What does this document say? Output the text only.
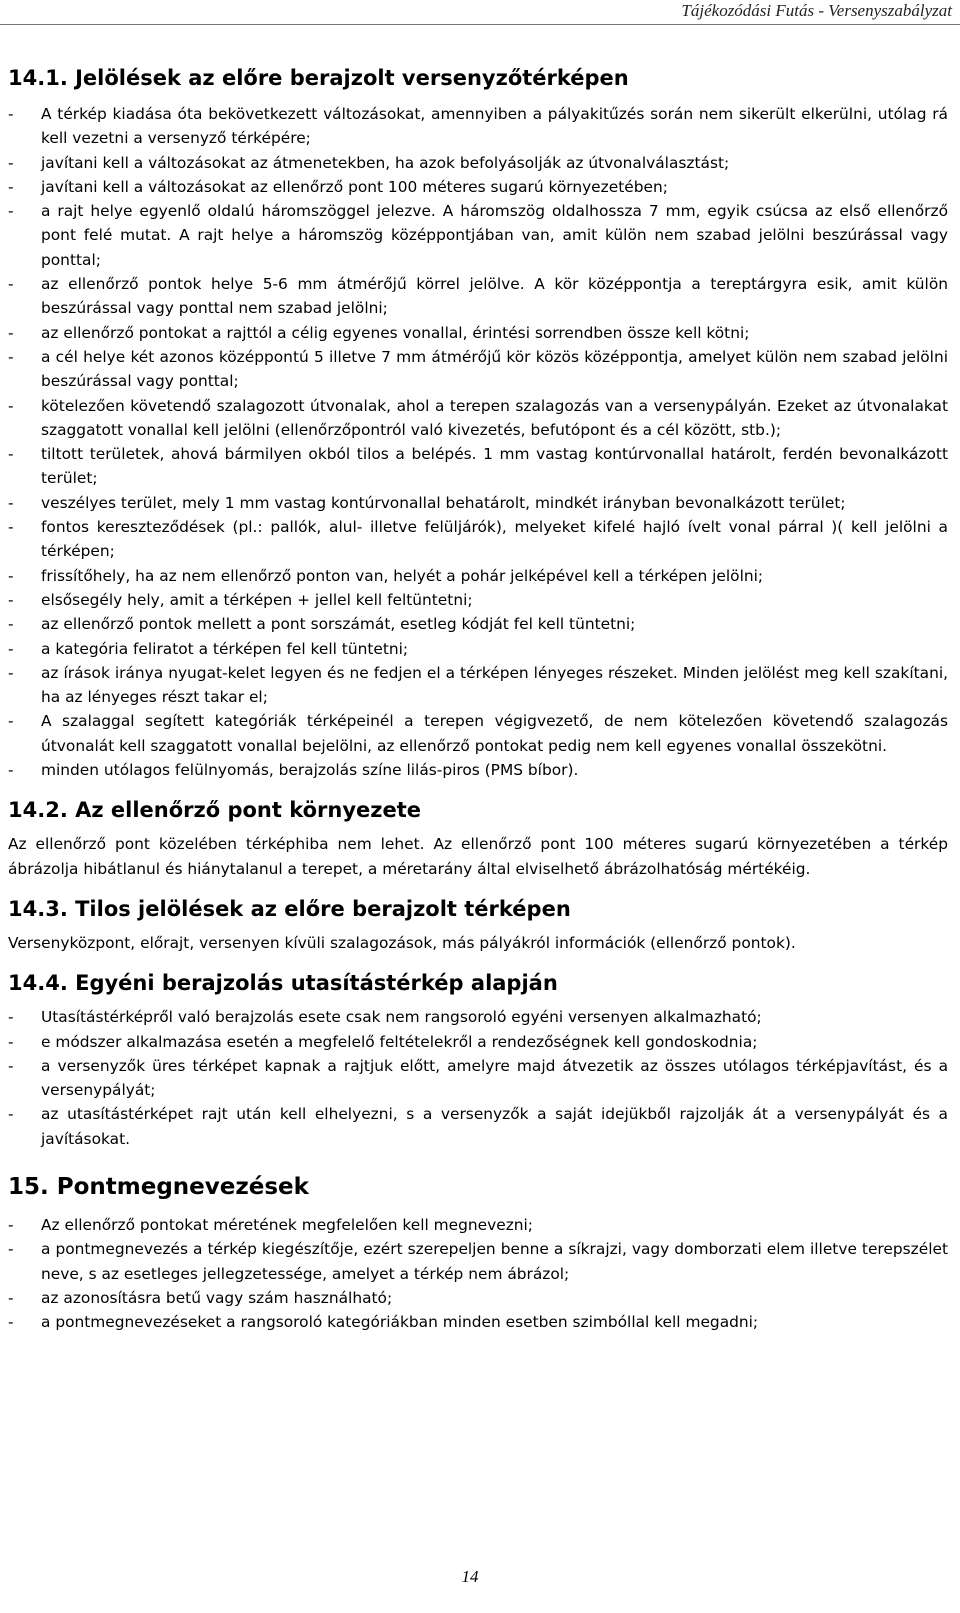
Tájékozódási Futás - Versenyszabályzat
14.1. Jelölések az előre berajzolt versenyzőtérképen
- A térkép kiadása óta bekövetkezett változásokat, amennyiben a pályakitűzés során nem sikerült elkerülni, utólag rá kell vezetni a versenyző térképére;
- javítani kell a változásokat az átmenetekben, ha azok befolyásolják az útvonalválasztást;
- javítani kell a változásokat az ellenőrző pont 100 méteres sugarú környezetében;
- a rajt helye egyenlő oldalú háromszöggel jelezve. A háromszög oldalhossza 7 mm, egyik csúcsa az első ellenőrző pont felé mutat. A rajt helye a háromszög középpontjában van, amit külön nem szabad jelölni beszúrással vagy ponttal;
- az ellenőrző pontok helye 5-6 mm átmérőjű körrel jelölve. A kör középpontja a tereptárgyra esik, amit külön beszúrással vagy ponttal nem szabad jelölni;
- az ellenőrző pontokat a rajttól a célig egyenes vonallal, érintési sorrendben össze kell kötni;
- a cél helye két azonos középpontú 5 illetve 7 mm átmérőjű kör közös középpontja, amelyet külön nem szabad jelölni beszúrással vagy ponttal;
- kötelezően követendő szalagozott útvonalak, ahol a terepen szalagozás van a versenypályán. Ezeket az útvonalakat szaggatott vonallal kell jelölni (ellenőrzőpontról való kivezetés, befutópont és a cél között, stb.);
- tiltott területek, ahová bármilyen okból tilos a belépés. 1 mm vastag kontúrvonallal határolt, ferdén bevonalkázott terület;
- veszélyes terület, mely 1 mm vastag kontúrvonallal behatárolt, mindkét irányban bevonalkázott terület;
- fontos kereszteződések (pl.: pallók, alul- illetve felüljárók), melyeket kifelé hajló ívelt vonal párral )( kell jelölni a térképen;
- frissítőhely, ha az nem ellenőrző ponton van, helyét a pohár jelképével kell a térképen jelölni;
- elsősegély hely, amit a térképen + jellel kell feltüntetni;
- az ellenőrző pontok mellett a pont sorszámát, esetleg kódját fel kell tüntetni;
- a kategória feliratot a térképen fel kell tüntetni;
- az írások iránya nyugat-kelet legyen és ne fedjen el a térképen lényeges részeket. Minden jelölést meg kell szakítani, ha az lényeges részt takar el;
- A szalaggal segített kategóriák térképeinél a terepen végigvezető, de nem kötelezően követendő szalagozás útvonalát kell szaggatott vonallal bejelölni, az ellenőrző pontokat pedig nem kell egyenes vonallal összekötni.
- minden utólagos felülnyomás, berajzolás színe lilás-piros (PMS bíbor).
14.2. Az ellenőrző pont környezete

Az ellenőrző pont közelében térképhiba nem lehet. Az ellenőrző pont 100 méteres sugarú környezetében a térkép ábrázolja hibátlanul és hiánytalanul a terepet, a méretarány által elviselhető ábrázolhatóság mértékéig.

14.3. Tilos jelölések az előre berajzolt térképen

Versenyközpont, előrajt, versenyen kívüli szalagozások, más pályákról információk (ellenőrző pontok).

14.4. Egyéni berajzolás utasítástérkép alapján
- Utasítástérképről való berajzolás esete csak nem rangsoroló egyéni versenyen alkalmazható;
- e módszer alkalmazása esetén a megfelelő feltételekről a rendezőségnek kell gondoskodnia;
- a versenyzők üres térképet kapnak a rajtjuk előtt, amelyre majd átvezetik az összes utólagos térképjavítást, és a versenypályát;
- az utasítástérképet rajt után kell elhelyezni, s a versenyzők a saját idejükből rajzolják át a versenypályát és a javításokat.
15. Pontmegnevezések
- Az ellenőrző pontokat méretének megfelelően kell megnevezni;
- a pontmegnevezés a térkép kiegészítője, ezért szerepeljen benne a síkrajzi, vagy domborzati elem illetve terepszélet neve, s az esetleges jellegzetessége, amelyet a térkép nem ábrázol;
- az azonosításra betű vagy szám használható;
- a pontmegnevezéseket a rangsoroló kategóriákban minden esetben szimbóllal kell megadni;
14
